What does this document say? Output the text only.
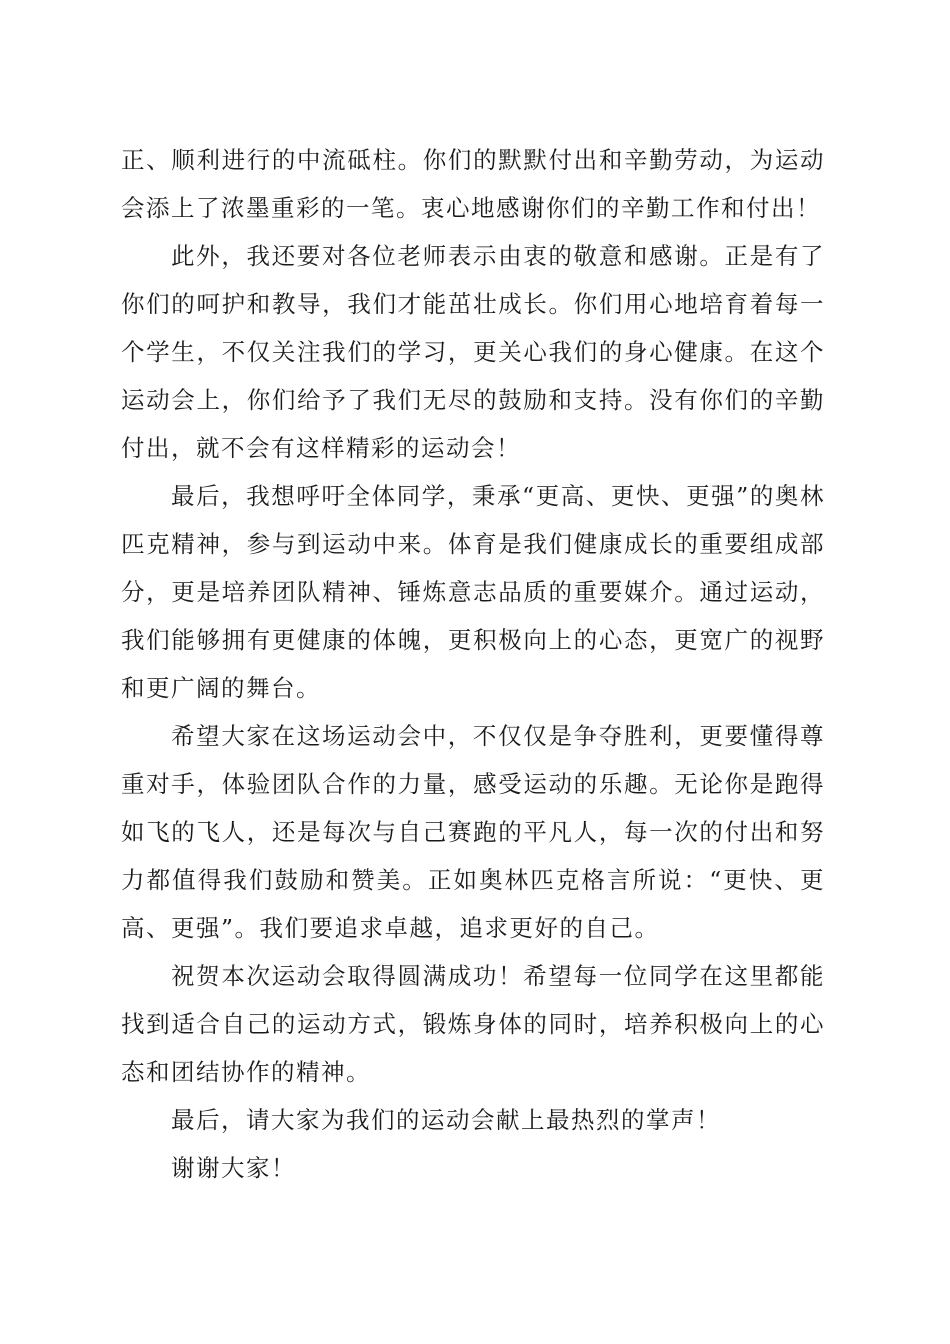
正、顺利进行的中流砥柱。你们的默默付出和辛勤劳动，为运动会添上了浓墨重彩的一笔。衷心地感谢你们的辛勤工作和付出！

此外，我还要对各位老师表示由衷的敬意和感谢。正是有了你们的呵护和教导，我们才能茁壮成长。你们用心地培育着每一个学生，不仅关注我们的学习，更关心我们的身心健康。在这个运动会上，你们给予了我们无尽的鼓励和支持。没有你们的辛勤付出，就不会有这样精彩的运动会！

最后，我想呼吁全体同学，秉承“更高、更快、更强”的奥林匹克精神，参与到运动中来。体育是我们健康成长的重要组成部分，更是培养团队精神、锤炼意志品质的重要媒介。通过运动，我们能够拥有更健康的体魄，更积极向上的心态，更宽广的视野和更广阔的舞台。

希望大家在这场运动会中，不仅仅是争夺胜利，更要懂得尊重对手，体验团队合作的力量，感受运动的乐趣。无论你是跑得如飞的飞人，还是每次与自己赛跑的平凡人，每一次的付出和努力都值得我们鼓励和赞美。正如奥林匹克格言所说：“更快、更高、更强”。我们要追求卓越，追求更好的自己。

祝贺本次运动会取得圆满成功！希望每一位同学在这里都能找到适合自己的运动方式，锻炼身体的同时，培养积极向上的心态和团结协作的精神。

最后，请大家为我们的运动会献上最热烈的掌声！

谢谢大家！
